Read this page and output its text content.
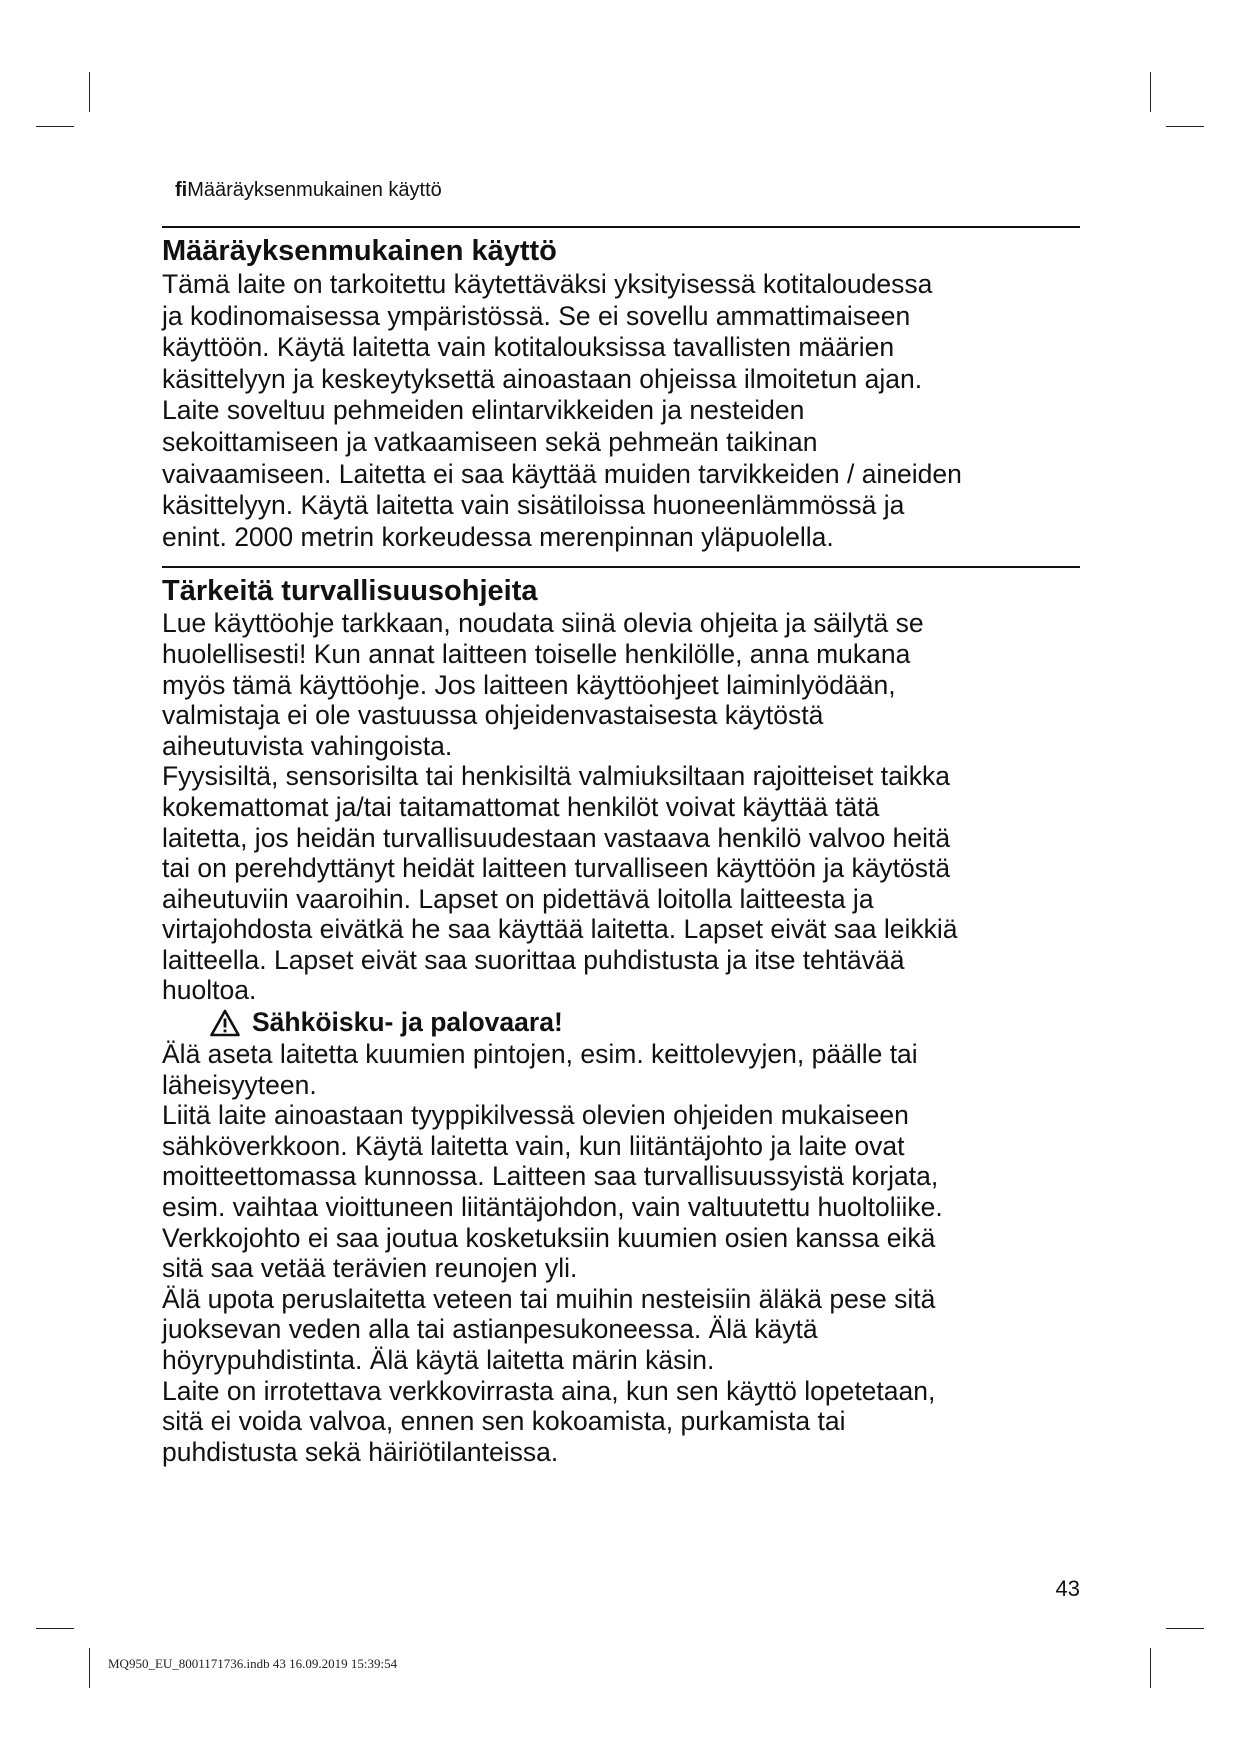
fiMääräyksenmukainen käyttö
Määräyksenmukainen käyttö
Tämä laite on tarkoitettu käytettäväksi yksityisessä kotitaloudessa
ja kodinomaisessa ympäristössä. Se ei sovellu ammattimaiseen
käyttöön. Käytä laitetta vain kotitalouksissa tavallisten määrien
käsittelyyn ja keskeytyksettä ainoastaan ohjeissa ilmoitetun ajan.
Laite soveltuu pehmeiden elintarvikkeiden ja nesteiden
sekoittamiseen ja vatkaamiseen sekä pehmeän taikinan
vaivaamiseen. Laitetta ei saa käyttää muiden tarvikkeiden / aineiden
käsittelyyn. Käytä laitetta vain sisätiloissa huoneenlämmössä ja
enint. 2000 metrin korkeudessa merenpinnan yläpuolella.
Tärkeitä turvallisuusohjeita
Lue käyttöohje tarkkaan, noudata siinä olevia ohjeita ja säilytä se
huolellisesti! Kun annat laitteen toiselle henkilölle, anna mukana
myös tämä käyttöohje. Jos laitteen käyttöohjeet laiminlyödään,
valmistaja ei ole vastuussa ohjeidenvastaisesta käytöstä
aiheutuvista vahingoista.
Fyysisiltä, sensorisilta tai henkisiltä valmiuksiltaan rajoitteiset taikka
kokemattomat ja/tai taitamattomat henkilöt voivat käyttää tätä
laitetta, jos heidän turvallisuudestaan vastaava henkilö valvoo heitä
tai on perehdyttänyt heidät laitteen turvalliseen käyttöön ja käytöstä
aiheutuviin vaaroihin. Lapset on pidettävä loitolla laitteesta ja
virtajohdosta eivätkä he saa käyttää laitetta. Lapset eivät saa leikkiä
laitteella. Lapset eivät saa suorittaa puhdistusta ja itse tehtävää
huoltoa.
Sähköisku- ja palovaara!
Älä aseta laitetta kuumien pintojen, esim. keittolevyjen, päälle tai
läheisyyteen.
Liitä laite ainoastaan tyyppikilvessä olevien ohjeiden mukaiseen
sähköverkkoon. Käytä laitetta vain, kun liitäntäjohto ja laite ovat
moitteettomassa kunnossa. Laitteen saa turvallisuussyistä korjata,
esim. vaihtaa vioittuneen liitäntäjohdon, vain valtuutettu huoltoliike.
Verkkojohto ei saa joutua kosketuksiin kuumien osien kanssa eikä
sitä saa vetää terävien reunojen yli.
Älä upota peruslaitetta veteen tai muihin nesteisiin äläkä pese sitä
juoksevan veden alla tai astianpesukoneessa. Älä käytä
höyrypuhdistinta. Älä käytä laitetta märin käsin.
Laite on irrotettava verkkovirrasta aina, kun sen käyttö lopetetaan,
sitä ei voida valvoa, ennen sen kokoamista, purkamista tai
puhdistusta sekä häiriötilanteissa.
43
MQ950_EU_8001171736.indb 43 16.09.2019 15:39:54
